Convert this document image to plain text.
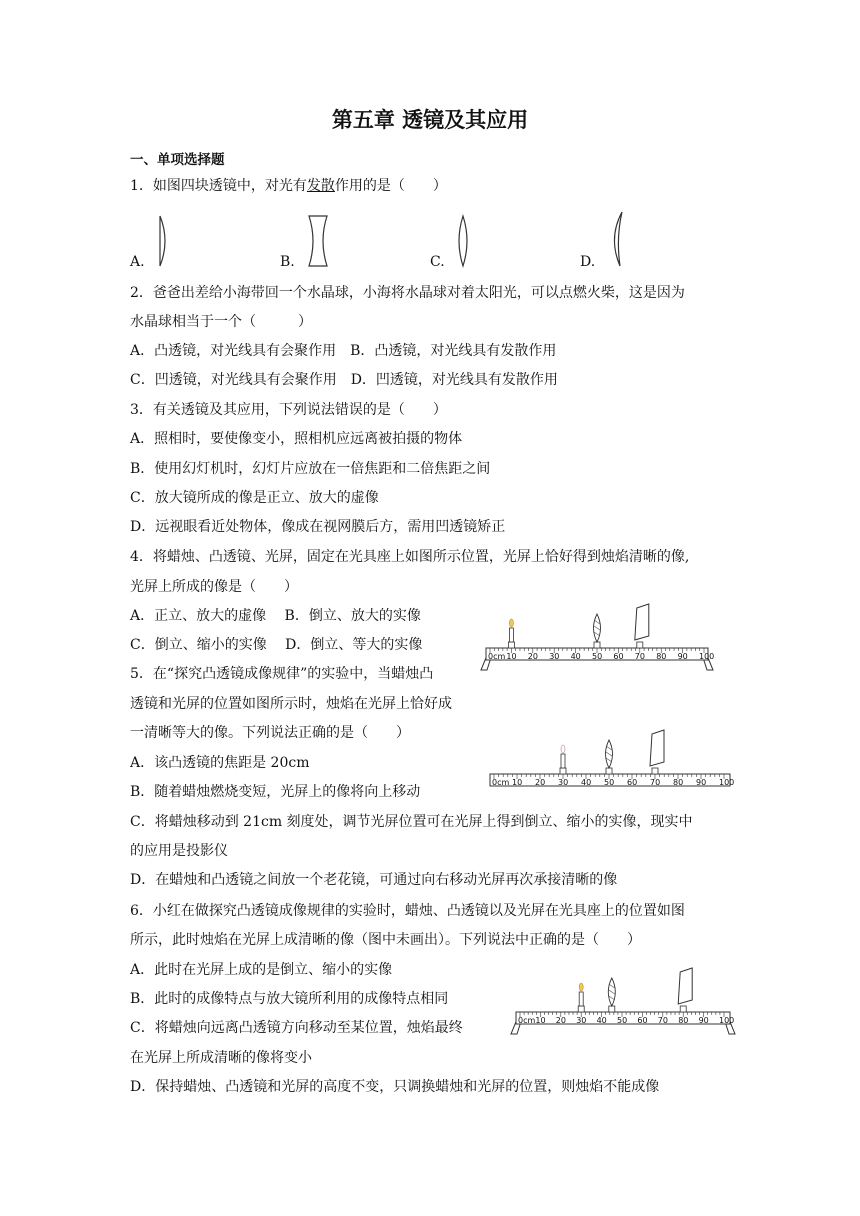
第五章 透镜及其应用
一、单项选择题
1．如图四块透镜中，对光有发散作用的是（　　）
A.	B.	C.	D.
2．爸爸出差给小海带回一个水晶球，小海将水晶球对着太阳光，可以点燃火柴，这是因为
水晶球相当于一个（　　　）
A．凸透镜，对光线具有会聚作用　B．凸透镜，对光线具有发散作用
C．凹透镜，对光线具有会聚作用　D．凹透镜，对光线具有发散作用
3．有关透镜及其应用，下列说法错误的是（　　）
A．照相时，要使像变小，照相机应远离被拍摄的物体
B．使用幻灯机时，幻灯片应放在一倍焦距和二倍焦距之间
C．放大镜所成的像是正立、放大的虚像
D．远视眼看近处物体，像成在视网膜后方，需用凹透镜矫正
4．将蜡烛、凸透镜、光屏，固定在光具座上如图所示位置，光屏上恰好得到烛焰清晰的像,
光屏上所成的像是（　　）
A．正立、放大的虚像　 B．倒立、放大的实像
C．倒立、缩小的实像　 D．倒立、等大的实像
5．在“探究凸透镜成像规律”的实验中，当蜡烛凸
透镜和光屏的位置如图所示时，烛焰在光屏上恰好成
一清晰等大的像。下列说法正确的是（　　）
A．该凸透镜的焦距是 20cm
B．随着蜡烛燃烧变短，光屏上的像将向上移动
C．将蜡烛移动到 21cm 刻度处，调节光屏位置可在光屏上得到倒立、缩小的实像，现实中
的应用是投影仪
D．在蜡烛和凸透镜之间放一个老花镜，可通过向右移动光屏再次承接清晰的像
6．小红在做探究凸透镜成像规律的实验时，蜡烛、凸透镜以及光屏在光具座上的位置如图
所示，此时烛焰在光屏上成清晰的像（图中未画出）。下列说法中正确的是（　　）
A．此时在光屏上成的是倒立、缩小的实像
B．此时的成像特点与放大镜所利用的成像特点相同
C．将蜡烛向远离凸透镜方向移动至某位置，烛焰最终
在光屏上所成清晰的像将变小
D．保持蜡烛、凸透镜和光屏的高度不变，只调换蜡烛和光屏的位置，则烛焰不能成像
0cm 10 20 30 40 50 60 70 80 90 100
0cm 10 20 30 40 50 60 70 80 90 100
0cm 10 20 30 40 50 60 70 80 90 100
